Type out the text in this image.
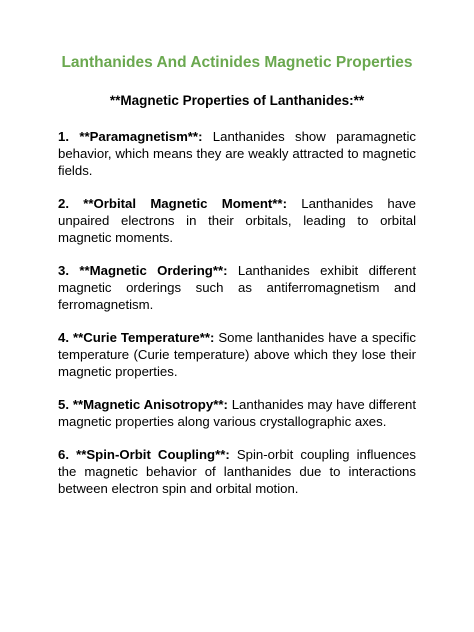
Lanthanides And Actinides Magnetic Properties

**Magnetic Properties of Lanthanides:**

1. **Paramagnetism**: Lanthanides show paramagnetic behavior, which means they are weakly attracted to magnetic fields.

2. **Orbital Magnetic Moment**: Lanthanides have unpaired electrons in their orbitals, leading to orbital magnetic moments.

3. **Magnetic Ordering**: Lanthanides exhibit different magnetic orderings such as antiferromagnetism and ferromagnetism.

4. **Curie Temperature**: Some lanthanides have a specific temperature (Curie temperature) above which they lose their magnetic properties.

5. **Magnetic Anisotropy**: Lanthanides may have different magnetic properties along various crystallographic axes.

6. **Spin-Orbit Coupling**: Spin-orbit coupling influences the magnetic behavior of lanthanides due to interactions between electron spin and orbital motion.
